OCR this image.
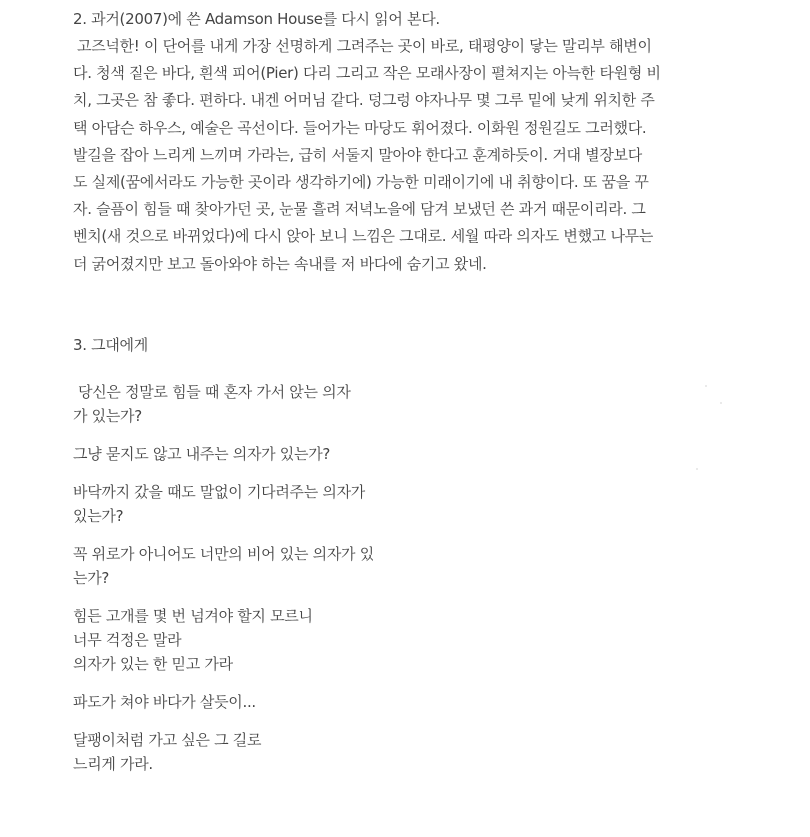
2. 과거(2007)에 쓴 Adamson House를 다시 읽어 본다.
고즈넉한! 이 단어를 내게 가장 선명하게 그려주는 곳이 바로, 태평양이 닿는 말리부 해변이
다. 청색 짙은 바다, 흰색 피어(Pier) 다리 그리고 작은 모래사장이 펼쳐지는 아늑한 타원형 비
치, 그곳은 참 좋다. 편하다. 내겐 어머님 같다. 덩그렁 야자나무 몇 그루 밑에 낮게 위치한 주
택 아담슨 하우스, 예술은 곡선이다. 들어가는 마당도 휘어졌다. 이화원 정원길도 그러했다.
발길을 잡아 느리게 느끼며 가라는, 급히 서둘지 말아야 한다고 훈계하듯이. 거대 별장보다
도 실제(꿈에서라도 가능한 곳이라 생각하기에) 가능한 미래이기에 내 취향이다. 또 꿈을 꾸
자. 슬픔이 힘들 때 찾아가던 곳, 눈물 흘려 저녁노을에 담겨 보냈던 쓴 과거 때문이리라. 그
벤치(새 것으로 바뀌었다)에 다시 앉아 보니 느낌은 그대로. 세월 따라 의자도 변했고 나무는
더 굵어졌지만 보고 돌아와야 하는 속내를 저 바다에 숨기고 왔네.
3. 그대에게
당신은 정말로 힘들 때 혼자 가서 앉는 의자
가 있는가?
그냥 묻지도 않고 내주는 의자가 있는가?
바닥까지 갔을 때도 말없이 기다려주는 의자가
있는가?
꼭 위로가 아니어도 너만의 비어 있는 의자가 있
는가?
힘든 고개를 몇 번 넘겨야 할지 모르니
너무 걱정은 말라
의자가 있는 한 믿고 가라
파도가 쳐야 바다가 살듯이...
달팽이처럼 가고 싶은 그 길로
느리게 가라.
